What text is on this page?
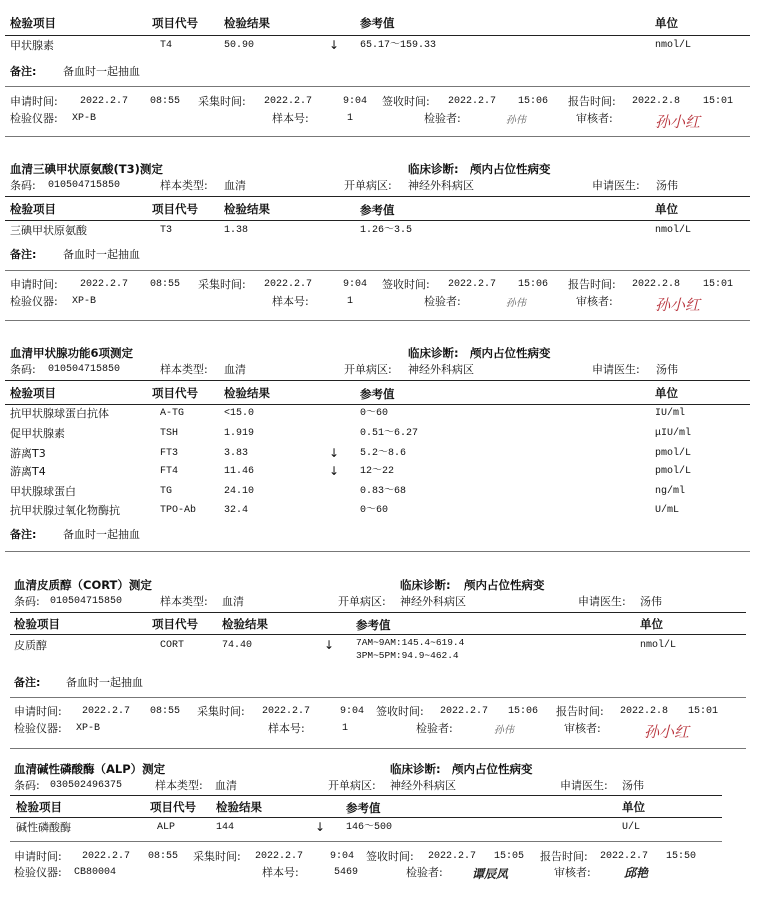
检验项目	项目代号 检验结果	参考值	单位
甲状腺素	T4	50.90	↓ 65.17～159.33	nmol/L
备注: 备血时一起抽血
申请时间: 2022.2.7 08:55 采集时间: 2022.2.7	9:04 签收时间: 2022.2.7 15:06 报告时间: 2022.2.8 15:01
检验仪器: XP-B	样本号:	1	检验者:	孙伟	审核者:	孙小红
血清三碘甲状原氨酸(T3)测定	临床诊断: 颅内占位性病变
条码: 010504715850	样本类型: 血清	开单病区: 神经外科病区	申请医生: 汤伟
检验项目	项目代号 检验结果	参考值	单位
三碘甲状原氨酸	T3	1.38	1.26～3.5	nmol/L
备注: 备血时一起抽血
申请时间: 2022.2.7 08:55 采集时间: 2022.2.7	9:04 签收时间: 2022.2.7 15:06 报告时间: 2022.2.8 15:01
检验仪器: XP-B	样本号:	1	检验者:	孙伟	审核者:	孙小红
血清甲状腺功能6项测定	临床诊断: 颅内占位性病变
条码: 010504715850	样本类型: 血清	开单病区: 神经外科病区	申请医生: 汤伟
检验项目	项目代号 检验结果	参考值	单位
抗甲状腺球蛋白抗体	A-TG	<15.0	0～60	IU/ml
促甲状腺素	TSH	1.919	0.51～6.27	μIU/ml
游离T3	FT3	3.83	↓ 5.2～8.6	pmol/L
游离T4	FT4	11.46	↓ 12～22	pmol/L
甲状腺球蛋白	TG	24.10	0.83～68	ng/ml
抗甲状腺过氧化物酶抗	TPO-Ab	32.4	0～60	U/mL
备注: 备血时一起抽血
血清皮质醇（CORT）测定	临床诊断: 颅内占位性病变
条码: 010504715850	样本类型: 血清	开单病区: 神经外科病区	申请医生: 汤伟
检验项目	项目代号 检验结果	参考值	单位
皮质醇	CORT	74.40	↓ 7AM~9AM:145.4~619.4
3PM~5PM:94.9~462.4
nmol/L
备注: 备血时一起抽血
申请时间: 2022.2.7 08:55 采集时间: 2022.2.7	9:04 签收时间: 2022.2.7 15:06 报告时间: 2022.2.8 15:01
检验仪器: XP-B	样本号:	1	检验者:	孙伟	审核者:	孙小红
血清碱性磷酸酶（ALP）测定	临床诊断: 颅内占位性病变
条码: 030502496375	样本类型: 血清	开单病区: 神经外科病区	申请医生: 汤伟
检验项目	项目代号 检验结果	参考值	单位
碱性磷酸酶	ALP	144	↓ 146～500	U/L
申请时间: 2022.2.7 08:55 采集时间: 2022.2.7	9:04 签收时间: 2022.2.7 15:05 报告时间: 2022.2.7 15:50
检验仪器: CB80004	样本号:	5469	检验者: 谭辰凤	审核者:	邱艳
